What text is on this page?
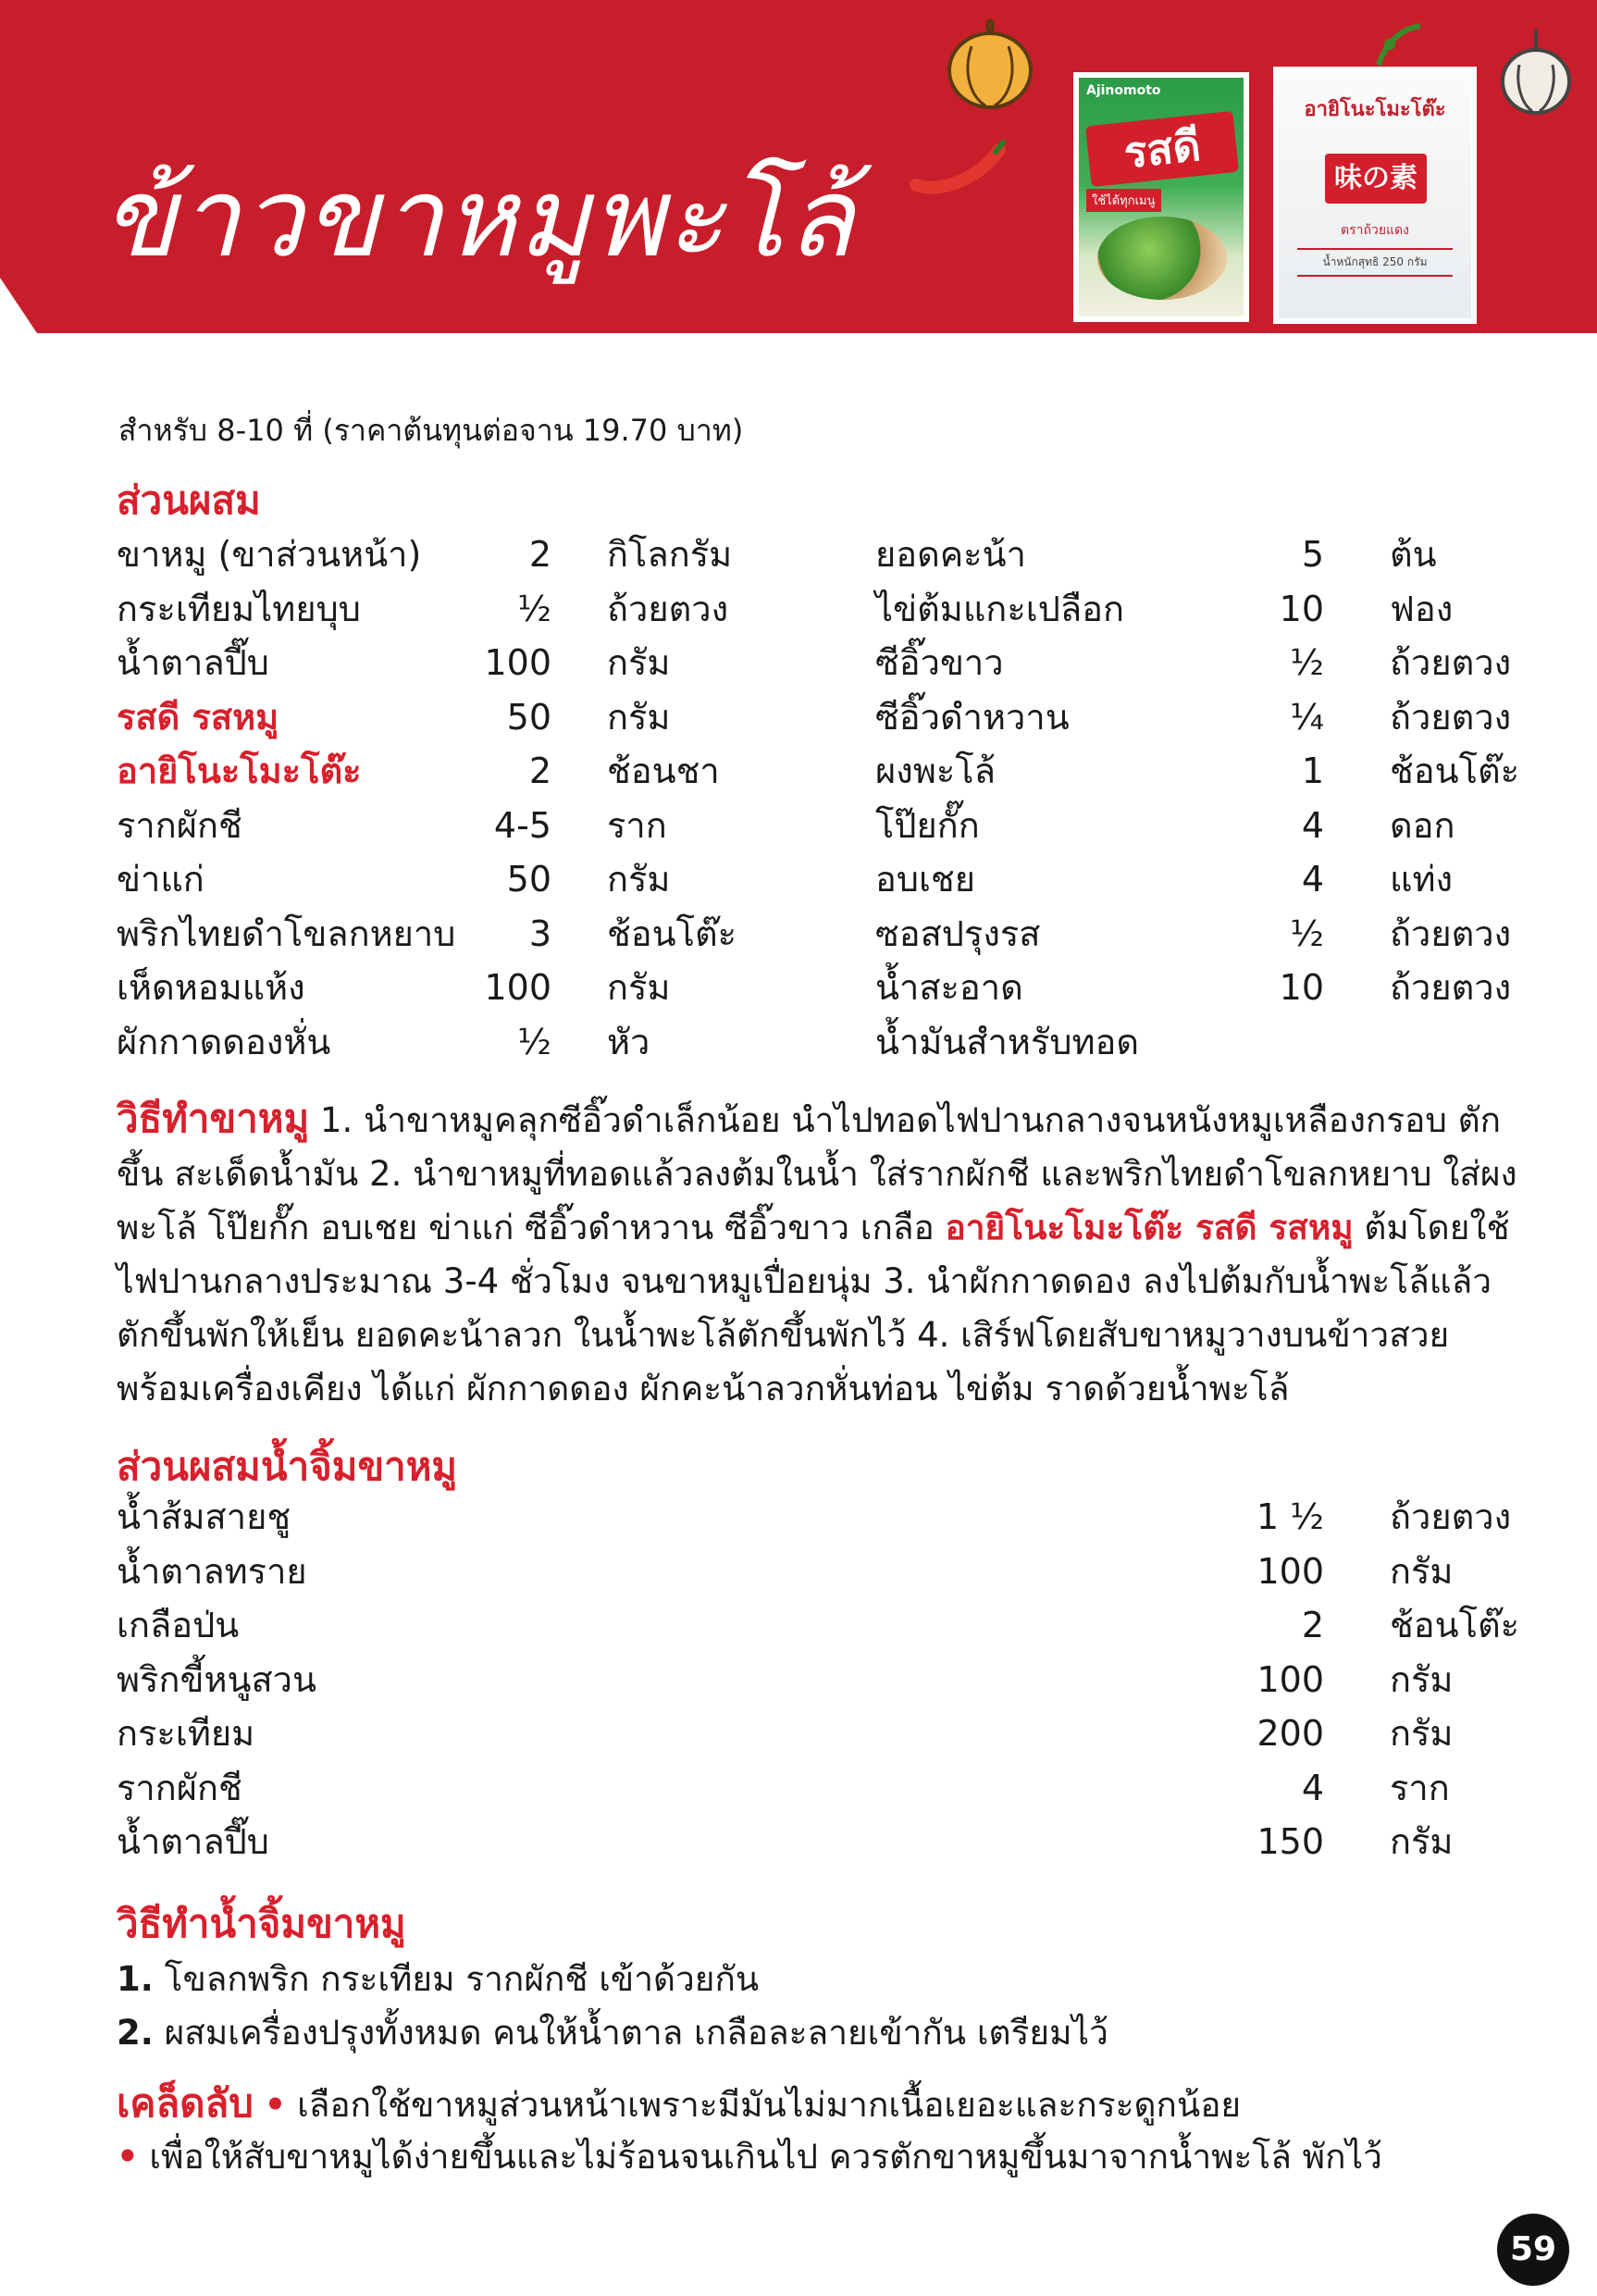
ข้าวขาหมูพะโล้
Ajinomoto
รสดี
ใช้ได้ทุกเมนู
อายิโนะโมะโต๊ะ
味の素
ตราถ้วยแดง
น้ำหนักสุทธิ 250 กรัม
สำหรับ 8-10 ที่ (ราคาต้นทุนต่อจาน 19.70 บาท)
ส่วนผสม
ขาหมู (ขาส่วนหน้า)	2 กิโลกรัม
กระเทียมไทยบุบ	½ ถ้วยตวง
น้ำตาลปี๊บ	100 กรัม
รสดี รสหมู	50 กรัม
อายิโนะโมะโต๊ะ	2 ช้อนชา
รากผักชี	4-5 ราก
ข่าแก่	50 กรัม
พริกไทยดำโขลกหยาบ	3 ช้อนโต๊ะ
เห็ดหอมแห้ง	100 กรัม
ผักกาดดองหั่น	½ หัว
ยอดคะน้า	5 ต้น
ไข่ต้มแกะเปลือก	10 ฟอง
ซีอิ๊วขาว	½ ถ้วยตวง
ซีอิ๊วดำหวาน	¼ ถ้วยตวง
ผงพะโล้	1 ช้อนโต๊ะ
โป๊ยกั๊ก	4 ดอก
อบเชย	4 แท่ง
ซอสปรุงรส	½ ถ้วยตวง
น้ำสะอาด	10 ถ้วยตวง
น้ำมันสำหรับทอด
วิธีทำขาหมู 1. นำขาหมูคลุกซีอิ๊วดำเล็กน้อย นำไปทอดไฟปานกลางจนหนังหมูเหลืองกรอบ ตักขึ้น สะเด็ดน้ำมัน 2. นำขาหมูที่ทอดแล้วลงต้มในน้ำ ใส่รากผักชี และพริกไทยดำโขลกหยาบ ใส่ผงพะโล้ โป๊ยกั๊ก อบเชย ข่าแก่ ซีอิ๊วดำหวาน ซีอิ๊วขาว เกลือ อายิโนะโมะโต๊ะ รสดี รสหมู ต้มโดยใช้ไฟปานกลางประมาณ 3-4 ชั่วโมง จนขาหมูเปื่อยนุ่ม 3. นำผักกาดดอง ลงไปต้มกับน้ำพะโล้แล้วตักขึ้นพักให้เย็น ยอดคะน้าลวก ในน้ำพะโล้ตักขึ้นพักไว้ 4. เสิร์ฟโดยสับขาหมูวางบนข้าวสวย พร้อมเครื่องเคียง ได้แก่ ผักกาดดอง ผักคะน้าลวกหั่นท่อน ไข่ต้ม ราดด้วยน้ำพะโล้
ส่วนผสมน้ำจิ้มขาหมู
น้ำส้มสายชู	1 ½ ถ้วยตวง
น้ำตาลทราย	100 กรัม
เกลือป่น	2 ช้อนโต๊ะ
พริกขี้หนูสวน	100 กรัม
กระเทียม	200 กรัม
รากผักชี	4 ราก
น้ำตาลปี๊บ	150 กรัม
วิธีทำน้ำจิ้มขาหมู
1. โขลกพริก กระเทียม รากผักชี เข้าด้วยกัน
2. ผสมเครื่องปรุงทั้งหมด คนให้น้ำตาล เกลือละลายเข้ากัน เตรียมไว้
เคล็ดลับ • เลือกใช้ขาหมูส่วนหน้าเพราะมีมันไม่มากเนื้อเยอะและกระดูกน้อย
• เพื่อให้สับขาหมูได้ง่ายขึ้นและไม่ร้อนจนเกินไป ควรตักขาหมูขึ้นมาจากน้ำพะโล้ พักไว้
59
